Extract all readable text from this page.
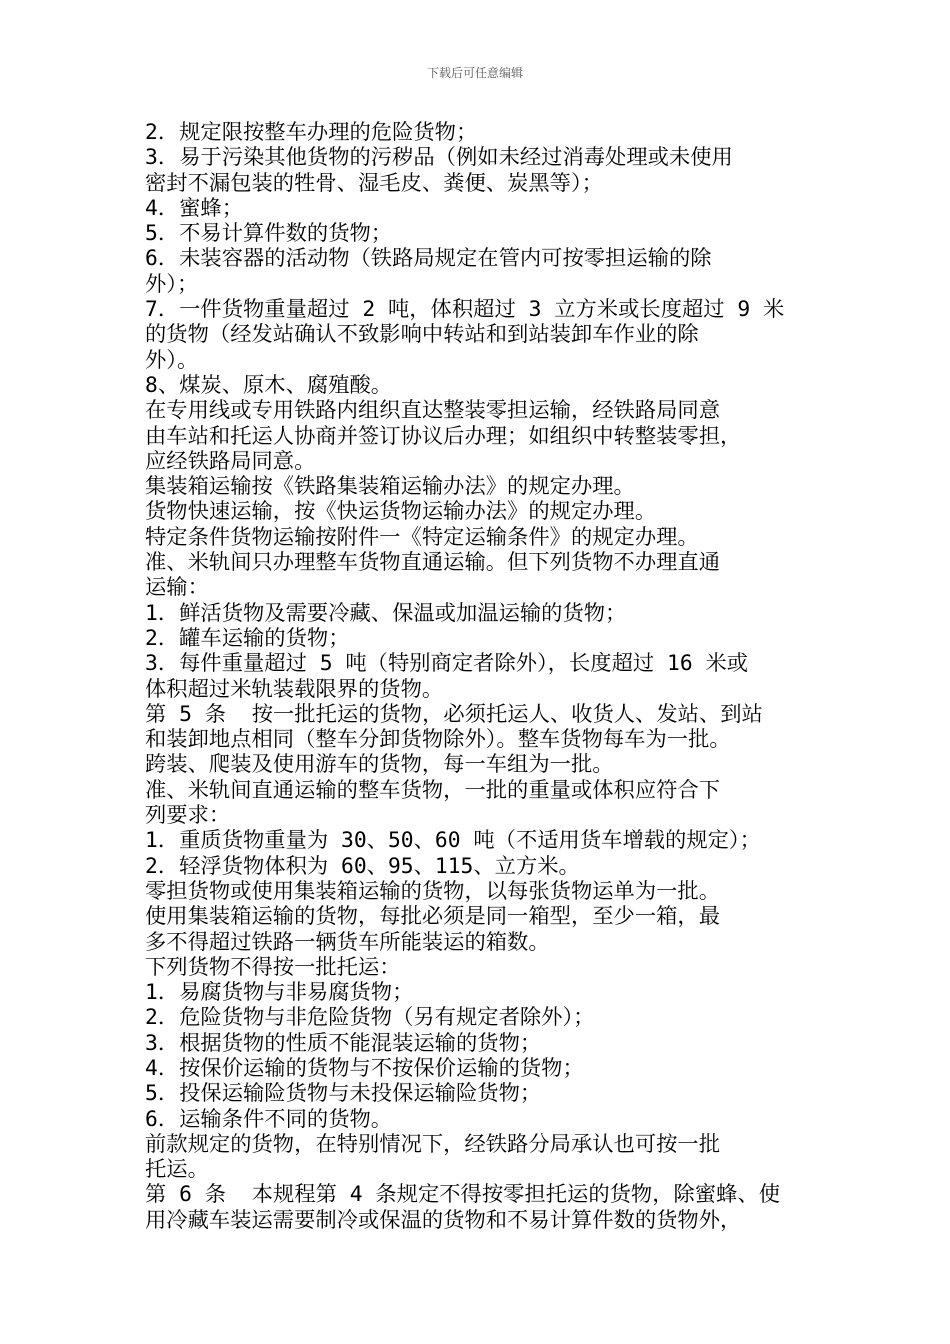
下载后可任意编辑
2．规定限按整车办理的危险货物；
3．易于污染其他货物的污秽品（例如未经过消毒处理或未使用
密封不漏包装的牲骨、湿毛皮、粪便、炭黑等）；
4．蜜蜂；
5．不易计算件数的货物；
6．未装容器的活动物（铁路局规定在管内可按零担运输的除
外）；
7．一件货物重量超过 2 吨，体积超过 3 立方米或长度超过 9 米
的货物（经发站确认不致影响中转站和到站装卸车作业的除
外）。
8、煤炭、原木、腐殖酸。
在专用线或专用铁路内组织直达整装零担运输，经铁路局同意
由车站和托运人协商并签订协议后办理；如组织中转整装零担，
应经铁路局同意。
集装箱运输按《铁路集装箱运输办法》的规定办理。
货物快速运输，按《快运货物运输办法》的规定办理。
特定条件货物运输按附件一《特定运输条件》的规定办理。
准、米轨间只办理整车货物直通运输。但下列货物不办理直通
运输：
1．鲜活货物及需要冷藏、保温或加温运输的货物；
2．罐车运输的货物；
3．每件重量超过 5 吨（特别商定者除外），长度超过 16 米或
体积超过米轨装载限界的货物。
第 5 条  按一批托运的货物，必须托运人、收货人、发站、到站
和装卸地点相同（整车分卸货物除外）。整车货物每车为一批。
跨装、爬装及使用游车的货物，每一车组为一批。
准、米轨间直通运输的整车货物，一批的重量或体积应符合下
列要求：
1．重质货物重量为 30、50、60 吨（不适用货车增载的规定）；
2．轻浮货物体积为 60、95、115、立方米。
零担货物或使用集装箱运输的货物，以每张货物运单为一批。
使用集装箱运输的货物，每批必须是同一箱型，至少一箱，最
多不得超过铁路一辆货车所能装运的箱数。
下列货物不得按一批托运：
1．易腐货物与非易腐货物；
2．危险货物与非危险货物（另有规定者除外）；
3．根据货物的性质不能混装运输的货物；
4．按保价运输的货物与不按保价运输的货物；
5．投保运输险货物与未投保运输险货物；
6．运输条件不同的货物。
前款规定的货物，在特别情况下，经铁路分局承认也可按一批
托运。
第 6 条  本规程第 4 条规定不得按零担托运的货物，除蜜蜂、使
用冷藏车装运需要制冷或保温的货物和不易计算件数的货物外，
